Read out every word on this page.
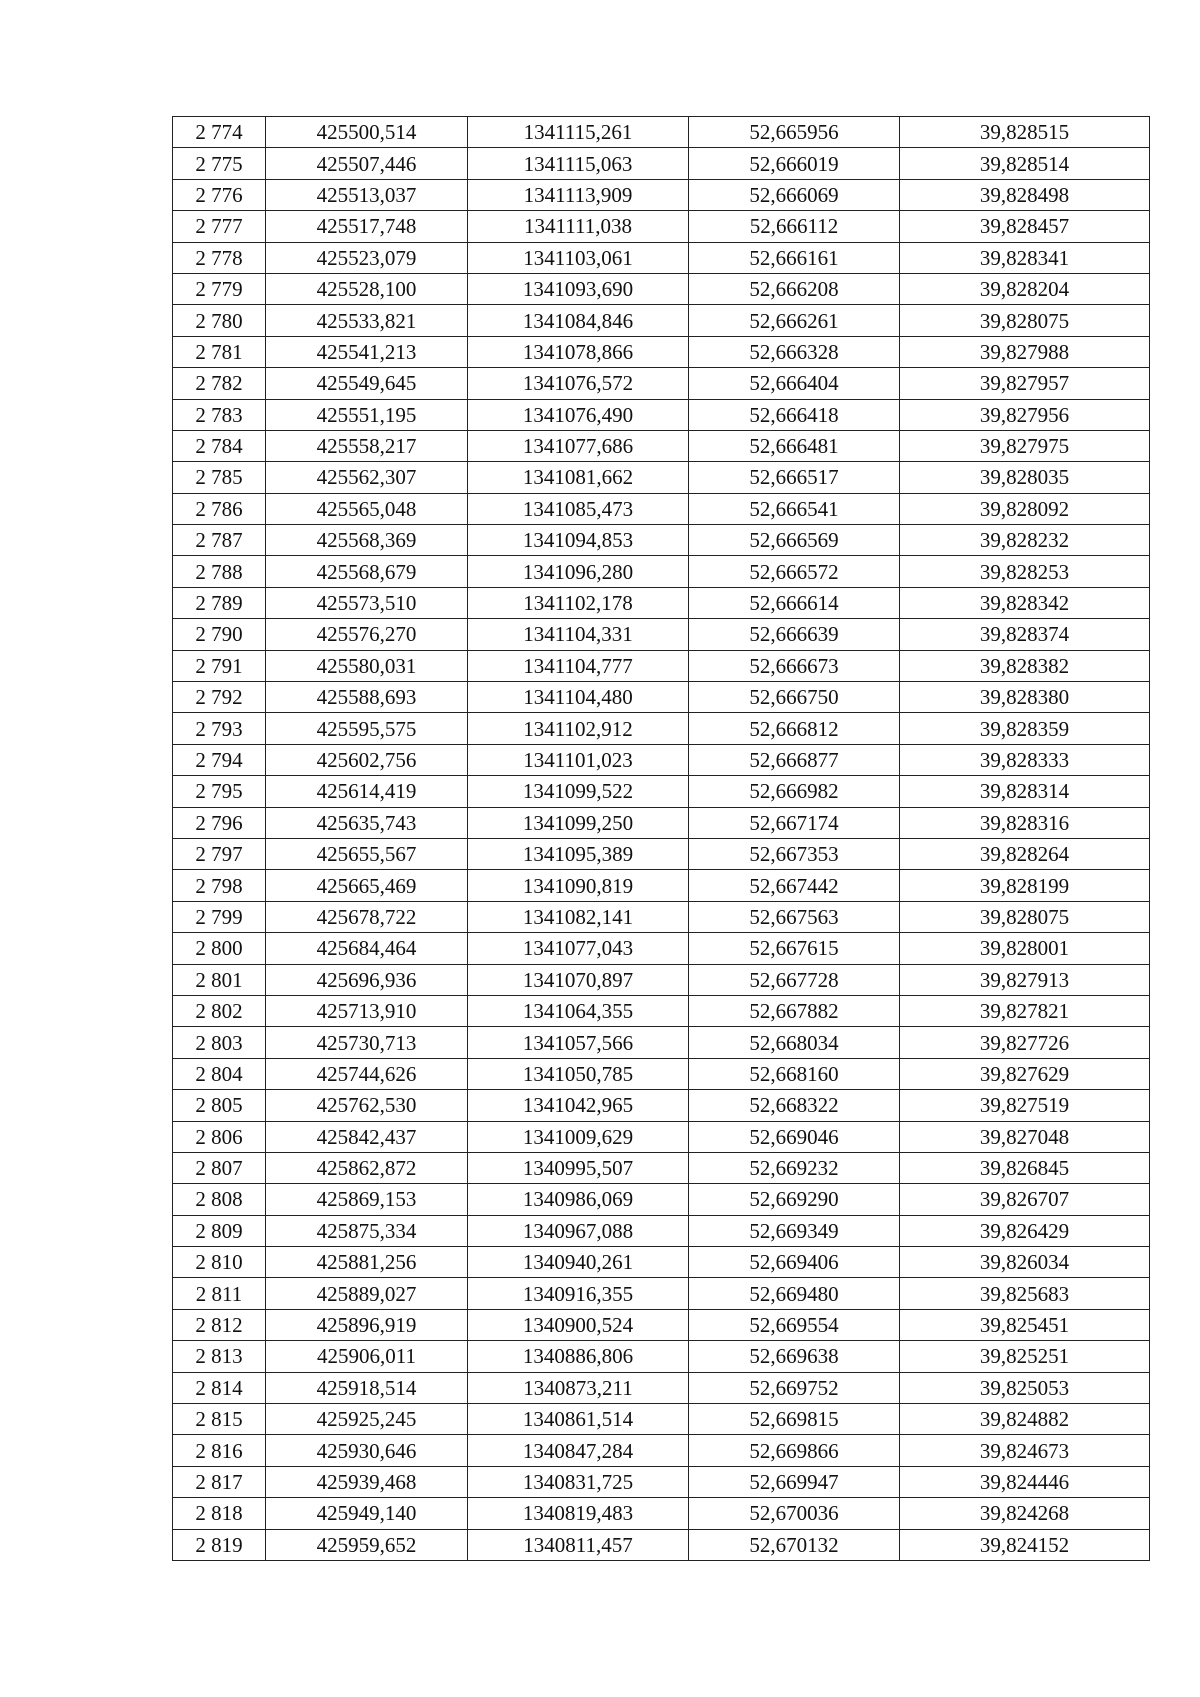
2 774	425500,514	1341115,261	52,665956	39,828515
2 775	425507,446	1341115,063	52,666019	39,828514
2 776	425513,037	1341113,909	52,666069	39,828498
2 777	425517,748	1341111,038	52,666112	39,828457
2 778	425523,079	1341103,061	52,666161	39,828341
2 779	425528,100	1341093,690	52,666208	39,828204
2 780	425533,821	1341084,846	52,666261	39,828075
2 781	425541,213	1341078,866	52,666328	39,827988
2 782	425549,645	1341076,572	52,666404	39,827957
2 783	425551,195	1341076,490	52,666418	39,827956
2 784	425558,217	1341077,686	52,666481	39,827975
2 785	425562,307	1341081,662	52,666517	39,828035
2 786	425565,048	1341085,473	52,666541	39,828092
2 787	425568,369	1341094,853	52,666569	39,828232
2 788	425568,679	1341096,280	52,666572	39,828253
2 789	425573,510	1341102,178	52,666614	39,828342
2 790	425576,270	1341104,331	52,666639	39,828374
2 791	425580,031	1341104,777	52,666673	39,828382
2 792	425588,693	1341104,480	52,666750	39,828380
2 793	425595,575	1341102,912	52,666812	39,828359
2 794	425602,756	1341101,023	52,666877	39,828333
2 795	425614,419	1341099,522	52,666982	39,828314
2 796	425635,743	1341099,250	52,667174	39,828316
2 797	425655,567	1341095,389	52,667353	39,828264
2 798	425665,469	1341090,819	52,667442	39,828199
2 799	425678,722	1341082,141	52,667563	39,828075
2 800	425684,464	1341077,043	52,667615	39,828001
2 801	425696,936	1341070,897	52,667728	39,827913
2 802	425713,910	1341064,355	52,667882	39,827821
2 803	425730,713	1341057,566	52,668034	39,827726
2 804	425744,626	1341050,785	52,668160	39,827629
2 805	425762,530	1341042,965	52,668322	39,827519
2 806	425842,437	1341009,629	52,669046	39,827048
2 807	425862,872	1340995,507	52,669232	39,826845
2 808	425869,153	1340986,069	52,669290	39,826707
2 809	425875,334	1340967,088	52,669349	39,826429
2 810	425881,256	1340940,261	52,669406	39,826034
2 811	425889,027	1340916,355	52,669480	39,825683
2 812	425896,919	1340900,524	52,669554	39,825451
2 813	425906,011	1340886,806	52,669638	39,825251
2 814	425918,514	1340873,211	52,669752	39,825053
2 815	425925,245	1340861,514	52,669815	39,824882
2 816	425930,646	1340847,284	52,669866	39,824673
2 817	425939,468	1340831,725	52,669947	39,824446
2 818	425949,140	1340819,483	52,670036	39,824268
2 819	425959,652	1340811,457	52,670132	39,824152
